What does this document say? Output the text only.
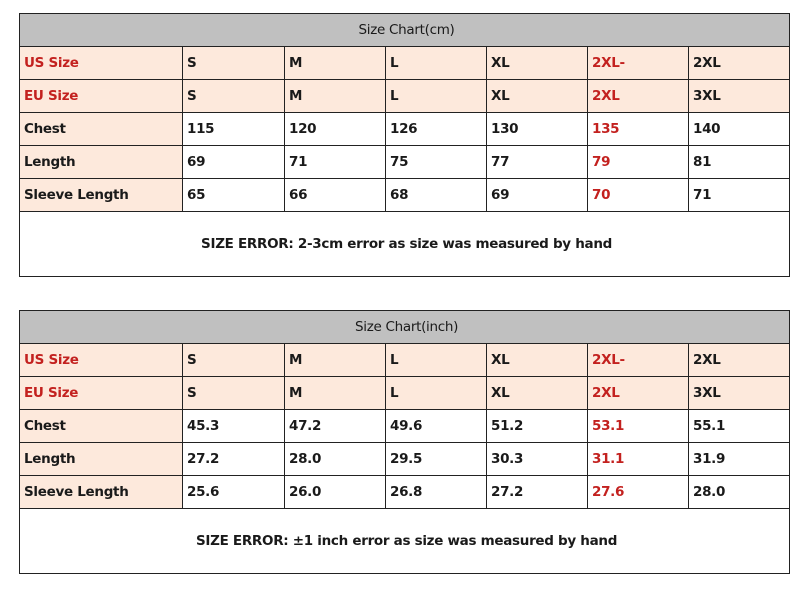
Size Chart(cm)						
US Size	S	M	L	XL	2XL-	2XL
EU Size	S	M	L	XL	2XL	3XL
Chest	115	120	126	130	135	140
Length	69	71	75	77	79	81
Sleeve Length	65	66	68	69	70	71
SIZE ERROR: 2-3cm error as size was measured by hand						
Size Chart(inch)						
US Size	S	M	L	XL	2XL-	2XL
EU Size	S	M	L	XL	2XL	3XL
Chest	45.3	47.2	49.6	51.2	53.1	55.1
Length	27.2	28.0	29.5	30.3	31.1	31.9
Sleeve Length	25.6	26.0	26.8	27.2	27.6	28.0
SIZE ERROR: ±1 inch error as size was measured by hand						
